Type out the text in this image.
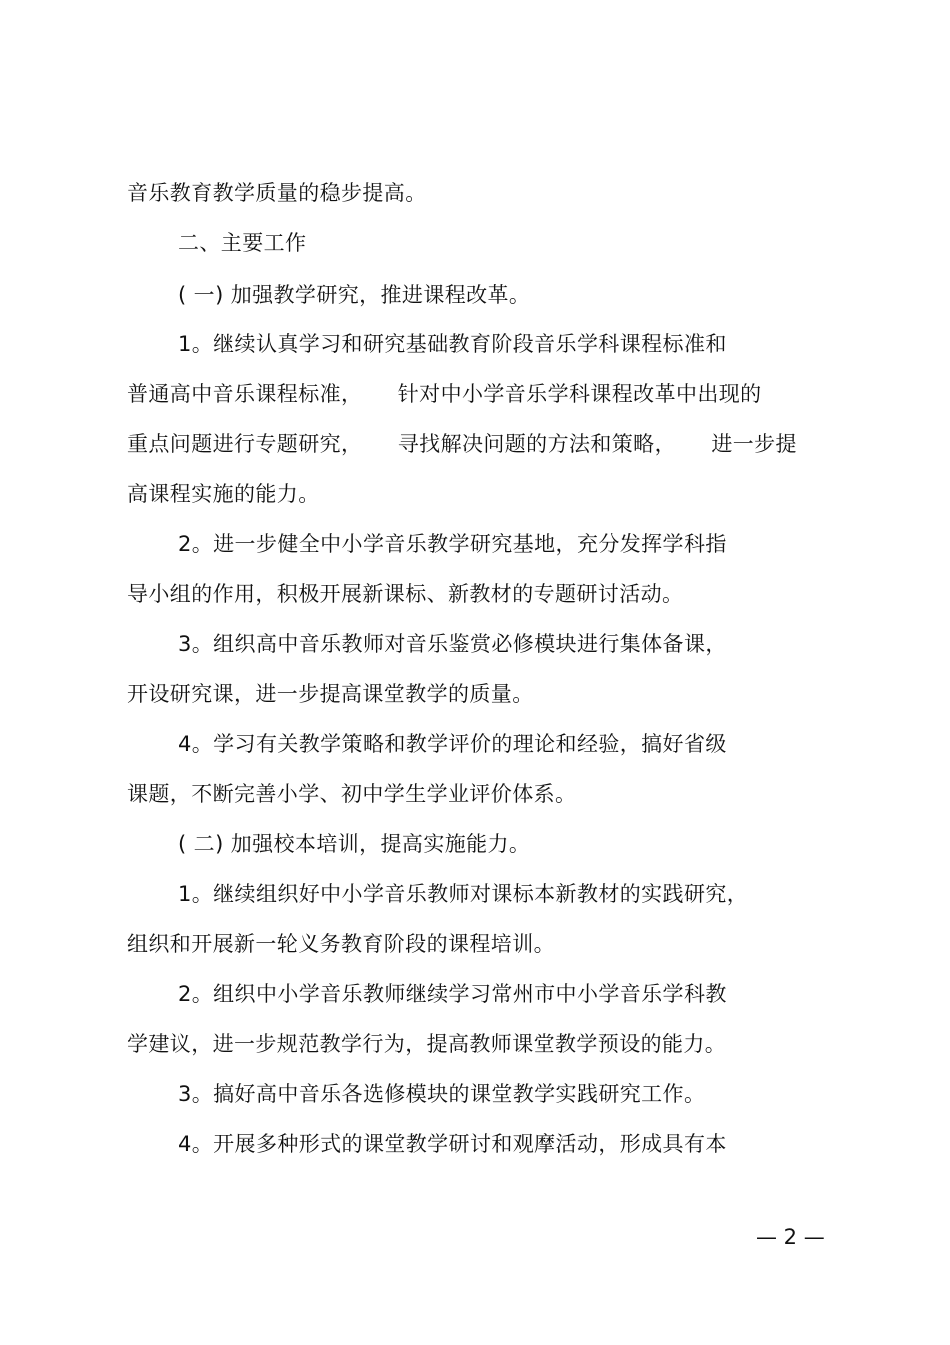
音乐教育教学质量的稳步提高。
二、主要工作
( 一) 加强教学研究，推进课程改革。
1。继续认真学习和研究基础教育阶段音乐学科课程标准和
普通高中音乐课程标准，     针对中小学音乐学科课程改革中出现的
重点问题进行专题研究，     寻找解决问题的方法和策略，     进一步提
高课程实施的能力。
2。进一步健全中小学音乐教学研究基地，充分发挥学科指
导小组的作用，积极开展新课标、新教材的专题研讨活动。
3。组织高中音乐教师对音乐鉴赏必修模块进行集体备课，
开设研究课，进一步提高课堂教学的质量。
4。学习有关教学策略和教学评价的理论和经验，搞好省级
课题，不断完善小学、初中学生学业评价体系。
( 二) 加强校本培训，提高实施能力。
1。继续组织好中小学音乐教师对课标本新教材的实践研究，
组织和开展新一轮义务教育阶段的课程培训。
2。组织中小学音乐教师继续学习常州市中小学音乐学科教
学建议，进一步规范教学行为，提高教师课堂教学预设的能力。
3。搞好高中音乐各选修模块的课堂教学实践研究工作。
4。开展多种形式的课堂教学研讨和观摩活动，形成具有本
— 2 —
